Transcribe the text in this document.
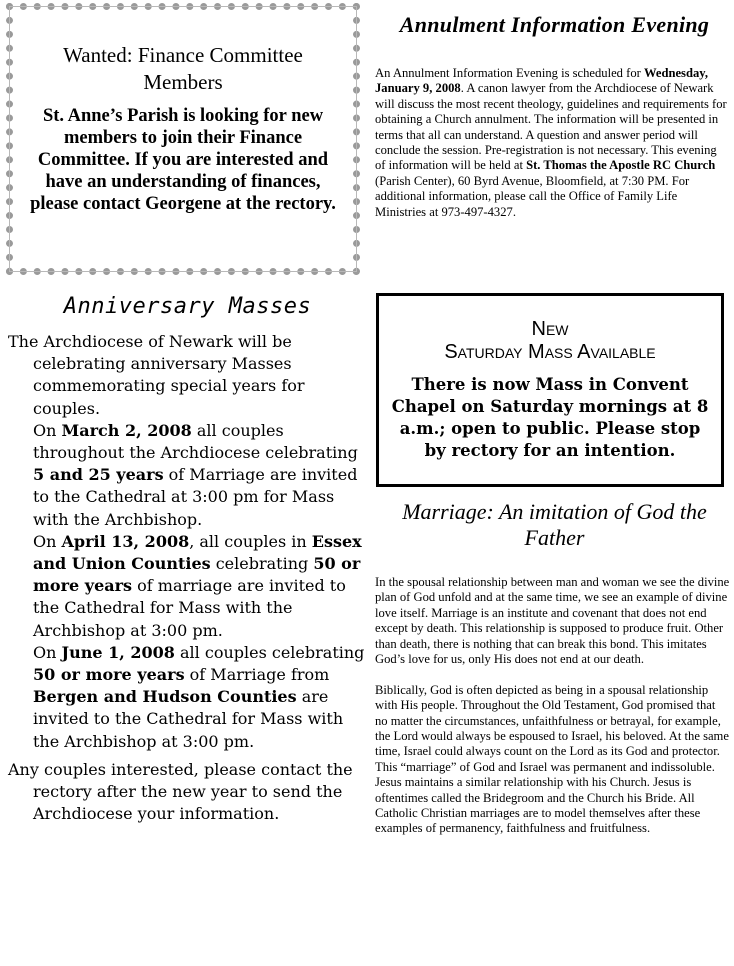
Wanted: Finance Committee Members
St. Anne’s Parish is looking for new members to join their Finance Committee. If you are interested and have an understanding of finances, please contact Georgene at the rectory.
Anniversary Masses
The Archdiocese of Newark will be celebrating anniversary Masses commemorating special years for couples.
On March 2, 2008 all couples throughout the Archdiocese celebrating 5 and 25 years of Marriage are invited to the Cathedral at 3:00 pm for Mass with the Archbishop.
On April 13, 2008, all couples in Essex and Union Counties celebrating 50 or more years of marriage are invited to the Cathedral for Mass with the Archbishop at 3:00 pm.
On June 1, 2008 all couples celebrating 50 or more years of Marriage from Bergen and Hudson Counties are invited to the Cathedral for Mass with the Archbishop at 3:00 pm.
Any couples interested, please contact the rectory after the new year to send the Archdiocese your information.
Annulment Information Evening
An Annulment Information Evening is scheduled for Wednesday, January 9, 2008. A canon lawyer from the Archdiocese of Newark will discuss the most recent theology, guidelines and requirements for obtaining a Church annulment. The information will be presented in terms that all can understand. A question and answer period will conclude the session. Pre-registration is not necessary. This evening of information will be held at St. Thomas the Apostle RC Church (Parish Center), 60 Byrd Avenue, Bloomfield, at 7:30 PM. For additional information, please call the Office of Family Life Ministries at 973-497-4327.
New
Saturday Mass Available
There is now Mass in Convent Chapel on Saturday mornings at 8 a.m.; open to public. Please stop by rectory for an intention.
Marriage: An imitation of God the Father

In the spousal relationship between man and woman we see the divine plan of God unfold and at the same time, we see an example of divine love itself. Marriage is an institute and covenant that does not end except by death. This relationship is supposed to produce fruit. Other than death, there is nothing that can break this bond. This imitates God’s love for us, only His does not end at our death.

Biblically, God is often depicted as being in a spousal relationship with His people. Throughout the Old Testament, God promised that no matter the circumstances, unfaithfulness or betrayal, for example, the Lord would always be espoused to Israel, his beloved. At the same time, Israel could always count on the Lord as its God and protector. This “marriage” of God and Israel was permanent and indissoluble. Jesus maintains a similar relationship with his Church. Jesus is oftentimes called the Bridegroom and the Church his Bride. All Catholic Christian marriages are to model themselves after these examples of permanency, faithfulness and fruitfulness.
